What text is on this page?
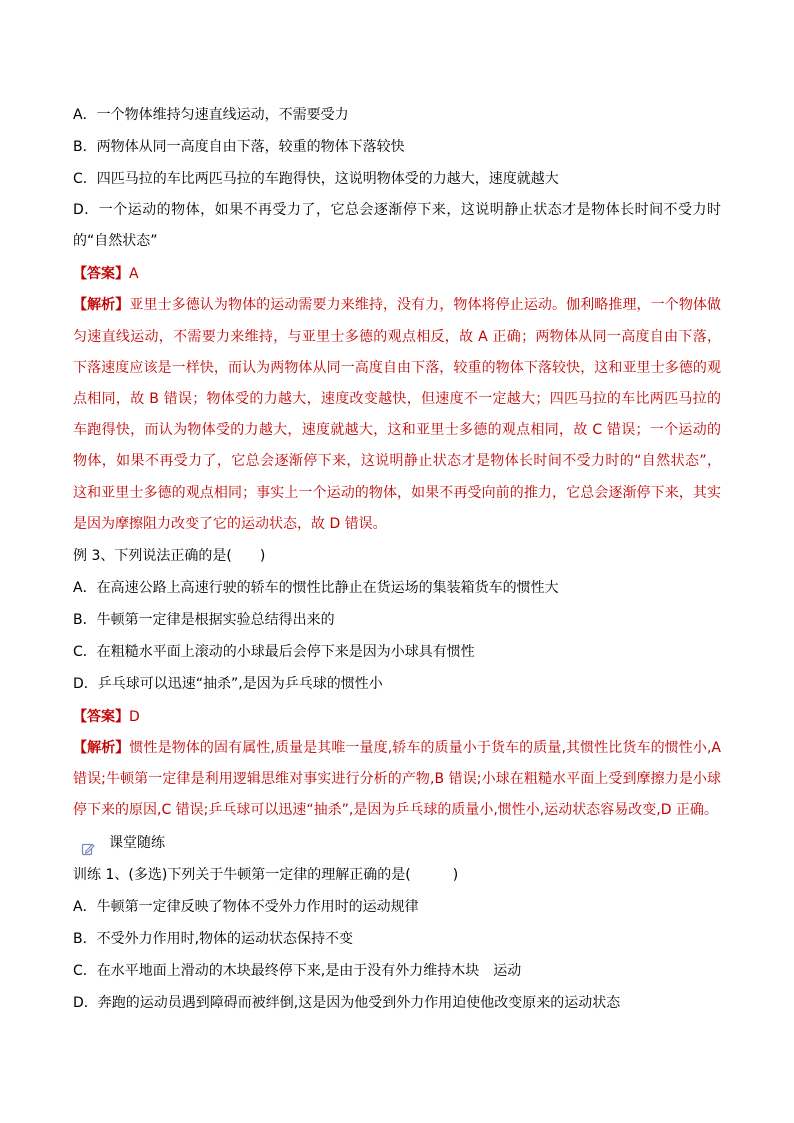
A．一个物体维持匀速直线运动，不需要受力
B．两物体从同一高度自由下落，较重的物体下落较快
C．四匹马拉的车比两匹马拉的车跑得快，这说明物体受的力越大，速度就越大
D．一个运动的物体，如果不再受力了，它总会逐渐停下来，这说明静止状态才是物体长时间不受力时的“自然状态”
【答案】A
【解析】亚里士多德认为物体的运动需要力来维持，没有力，物体将停止运动。伽利略推理，一个物体做匀速直线运动，不需要力来维持，与亚里士多德的观点相反，故 A 正确；两物体从同一高度自由下落，下落速度应该是一样快，而认为两物体从同一高度自由下落，较重的物体下落较快，这和亚里士多德的观点相同，故 B 错误；物体受的力越大，速度改变越快，但速度不一定越大；四匹马拉的车比两匹马拉的车跑得快，而认为物体受的力越大，速度就越大，这和亚里士多德的观点相同，故 C 错误；一个运动的物体，如果不再受力了，它总会逐渐停下来，这说明静止状态才是物体长时间不受力时的“自然状态”， 这和亚里士多德的观点相同；事实上一个运动的物体，如果不再受向前的推力，它总会逐渐停下来，其实是因为摩擦阻力改变了它的运动状态，故 D 错误。
例 3、下列说法正确的是(　　)
A．在高速公路上高速行驶的轿车的惯性比静止在货运场的集装箱货车的惯性大
B．牛顿第一定律是根据实验总结得出来的
C．在粗糙水平面上滚动的小球最后会停下来是因为小球具有惯性
D．乒乓球可以迅速“抽杀”,是因为乒乓球的惯性小
【答案】D
【解析】惯性是物体的固有属性,质量是其唯一量度,轿车的质量小于货车的质量,其惯性比货车的惯性小,A 错误;牛顿第一定律是利用逻辑思维对事实进行分析的产物,B 错误;小球在粗糙水平面上受到摩擦力是小球停下来的原因,C 错误;乒乓球可以迅速“抽杀”,是因为乒乓球的质量小,惯性小,运动状态容易改变,D 正确。
课堂随练
训练 1、(多选)下列关于牛顿第一定律的理解正确的是(　　　)
A．牛顿第一定律反映了物体不受外力作用时的运动规律
B．不受外力作用时,物体的运动状态保持不变
C．在水平地面上滑动的木块最终停下来,是由于没有外力维持木块　运动
D．奔跑的运动员遇到障碍而被绊倒,这是因为他受到外力作用迫使他改变原来的运动状态
